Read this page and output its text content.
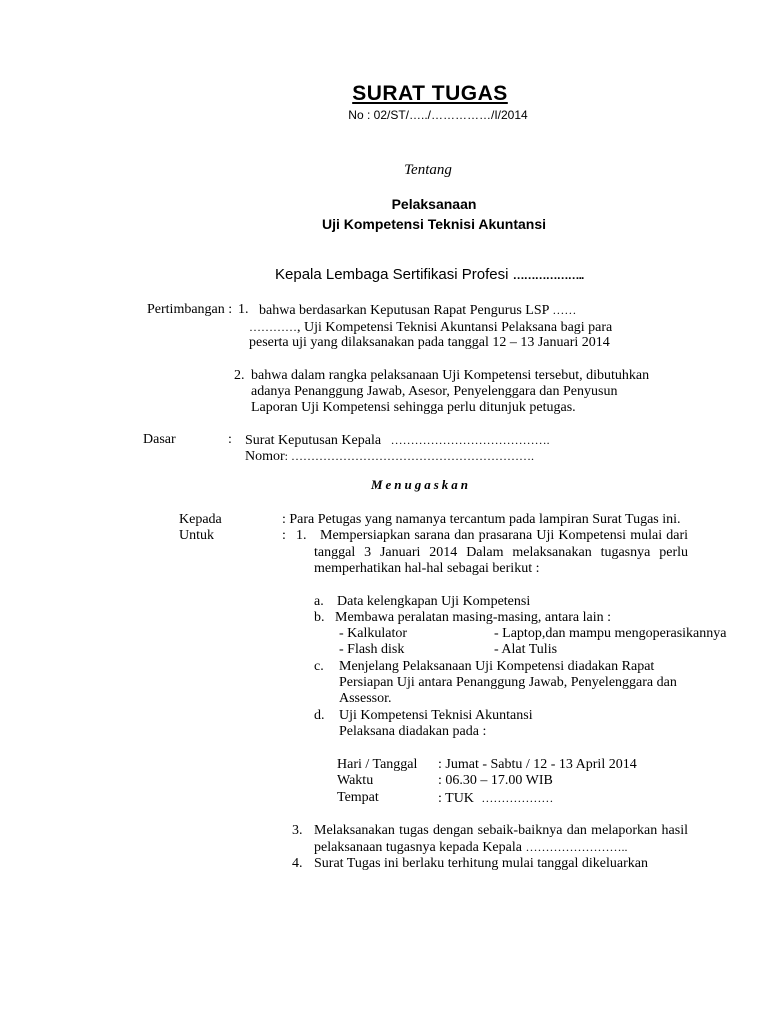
SURAT TUGAS
No : 02/ST/…../……………/I/2014
Tentang
Pelaksanaan
Uji Kompetensi Teknisi Akuntansi
Kepala Lembaga Sertifikasi Profesi ………………..
Pertimbangan : 1. bahwa berdasarkan Keputusan Rapat Pengurus LSP ……
…………, Uji Kompetensi Teknisi Akuntansi Pelaksana bagi para
peserta uji yang dilaksanakan pada tanggal 12 – 13 Januari 2014
2. bahwa dalam rangka pelaksanaan Uji Kompetensi tersebut, dibutuhkan
adanya Penanggung Jawab, Asesor, Penyelenggara dan Penyusun
Laporan Uji Kompetensi sehingga perlu ditunjuk petugas.
Dasar	: Surat Keputusan Kepala ………………………………….
Nomor: …………………………………………………….
Menugaskan
Kepada	: Para Petugas yang namanya tercantum pada lampiran Surat Tugas ini.
Untuk	: 1. Mempersiapkan sarana dan prasarana Uji Kompetensi mulai dari
tanggal 3 Januari 2014 Dalam melaksanakan tugasnya perlu
memperhatikan hal-hal sebagai berikut :
a. Data kelengkapan Uji Kompetensi
b. Membawa peralatan masing-masing, antara lain :
- Kalkulator	- Laptop,dan mampu mengoperasikannya
- Flash disk	- Alat Tulis
c. Menjelang Pelaksanaan Uji Kompetensi diadakan Rapat
Persiapan Uji antara Penanggung Jawab, Penyelenggara dan
Assessor.
d. Uji Kompetensi Teknisi Akuntansi
Pelaksana diadakan pada :
Hari / Tanggal : Jumat - Sabtu / 12 - 13 April 2014
Waktu	: 06.30 – 17.00 WIB
Tempat	: TUK ………………
3. Melaksanakan tugas dengan sebaik-baiknya dan melaporkan hasil
pelaksanaan tugasnya kepada Kepala ……………………..
4. Surat Tugas ini berlaku terhitung mulai tanggal dikeluarkan
